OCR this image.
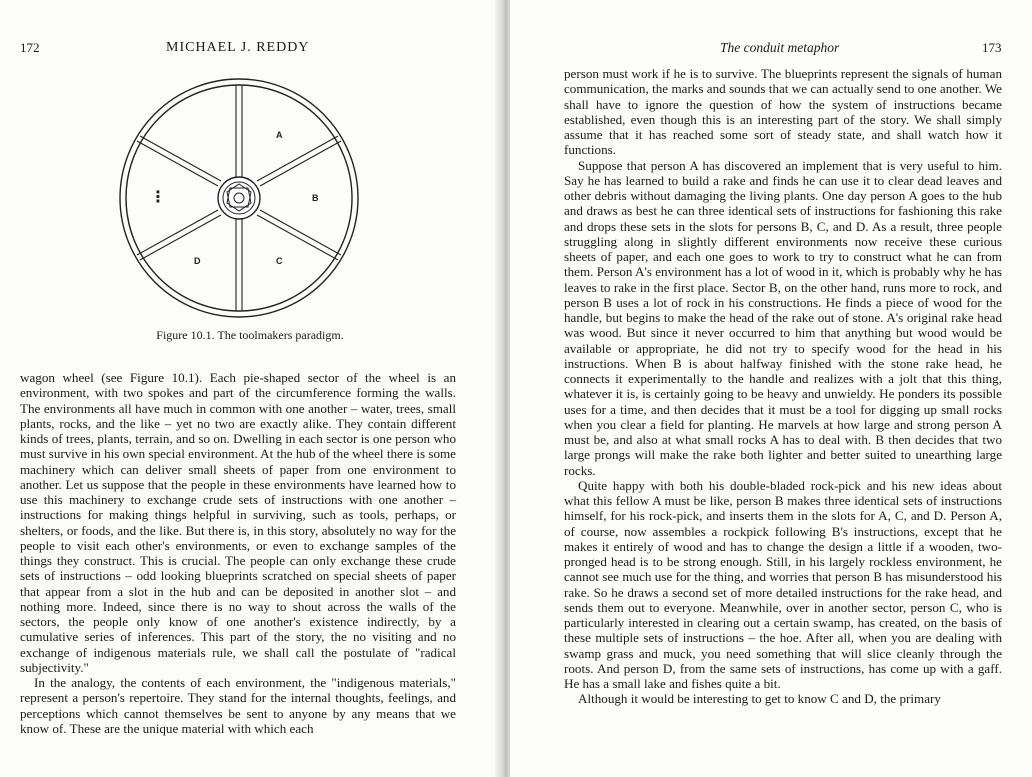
172	MICHAEL J. REDDY
A
B
C
D
⋮
Figure 10.1. The toolmakers paradigm.

wagon wheel (see Figure 10.1). Each pie-shaped sector of the wheel is an environment, with two spokes and part of the circumference forming the walls. The environments all have much in common with one another – water, trees, small plants, rocks, and the like – yet no two are exactly alike. They contain different kinds of trees, plants, terrain, and so on. Dwelling in each sector is one person who must survive in his own special environment. At the hub of the wheel there is some machinery which can deliver small sheets of paper from one environment to another. Let us suppose that the people in these environments have learned how to use this machinery to exchange crude sets of instructions with one another – instructions for making things helpful in surviving, such as tools, perhaps, or shelters, or foods, and the like. But there is, in this story, absolutely no way for the people to visit each other's environments, or even to exchange samples of the things they construct. This is crucial. The people can only exchange these crude sets of instructions – odd looking blueprints scratched on special sheets of paper that appear from a slot in the hub and can be deposited in another slot – and nothing more. Indeed, since there is no way to shout across the walls of the sectors, the people only know of one another's existence indirectly, by a cumulative series of inferences. This part of the story, the no visiting and no exchange of indigenous materials rule, we shall call the postulate of "radical subjectivity."

In the analogy, the contents of each environment, the "indigenous materials," represent a person's repertoire. They stand for the internal thoughts, feelings, and perceptions which cannot themselves be sent to anyone by any means that we know of. These are the unique material with which each

The conduit metaphor	173

person must work if he is to survive. The blueprints represent the signals of human communication, the marks and sounds that we can actually send to one another. We shall have to ignore the question of how the system of instructions became established, even though this is an interesting part of the story. We shall simply assume that it has reached some sort of steady state, and shall watch how it functions.

Suppose that person A has discovered an implement that is very useful to him. Say he has learned to build a rake and finds he can use it to clear dead leaves and other debris without damaging the living plants. One day person A goes to the hub and draws as best he can three identical sets of instructions for fashioning this rake and drops these sets in the slots for persons B, C, and D. As a result, three people struggling along in slightly different environments now receive these curious sheets of paper, and each one goes to work to try to construct what he can from them. Person A's environment has a lot of wood in it, which is probably why he has leaves to rake in the first place. Sector B, on the other hand, runs more to rock, and person B uses a lot of rock in his constructions. He finds a piece of wood for the handle, but begins to make the head of the rake out of stone. A's original rake head was wood. But since it never occurred to him that anything but wood would be available or appropriate, he did not try to specify wood for the head in his instructions. When B is about halfway finished with the stone rake head, he connects it experimentally to the handle and realizes with a jolt that this thing, whatever it is, is certainly going to be heavy and unwieldy. He ponders its possible uses for a time, and then decides that it must be a tool for digging up small rocks when you clear a field for planting. He marvels at how large and strong person A must be, and also at what small rocks A has to deal with. B then decides that two large prongs will make the rake both lighter and better suited to unearthing large rocks.

Quite happy with both his double-bladed rock-pick and his new ideas about what this fellow A must be like, person B makes three identical sets of instructions himself, for his rock-pick, and inserts them in the slots for A, C, and D. Person A, of course, now assembles a rockpick following B's instructions, except that he makes it entirely of wood and has to change the design a little if a wooden, two-pronged head is to be strong enough. Still, in his largely rockless environment, he cannot see much use for the thing, and worries that person B has misunderstood his rake. So he draws a second set of more detailed instructions for the rake head, and sends them out to everyone. Meanwhile, over in another sector, person C, who is particularly interested in clearing out a certain swamp, has created, on the basis of these multiple sets of instructions – the hoe. After all, when you are dealing with swamp grass and muck, you need something that will slice cleanly through the roots. And person D, from the same sets of instructions, has come up with a gaff. He has a small lake and fishes quite a bit.

Although it would be interesting to get to know C and D, the primary
